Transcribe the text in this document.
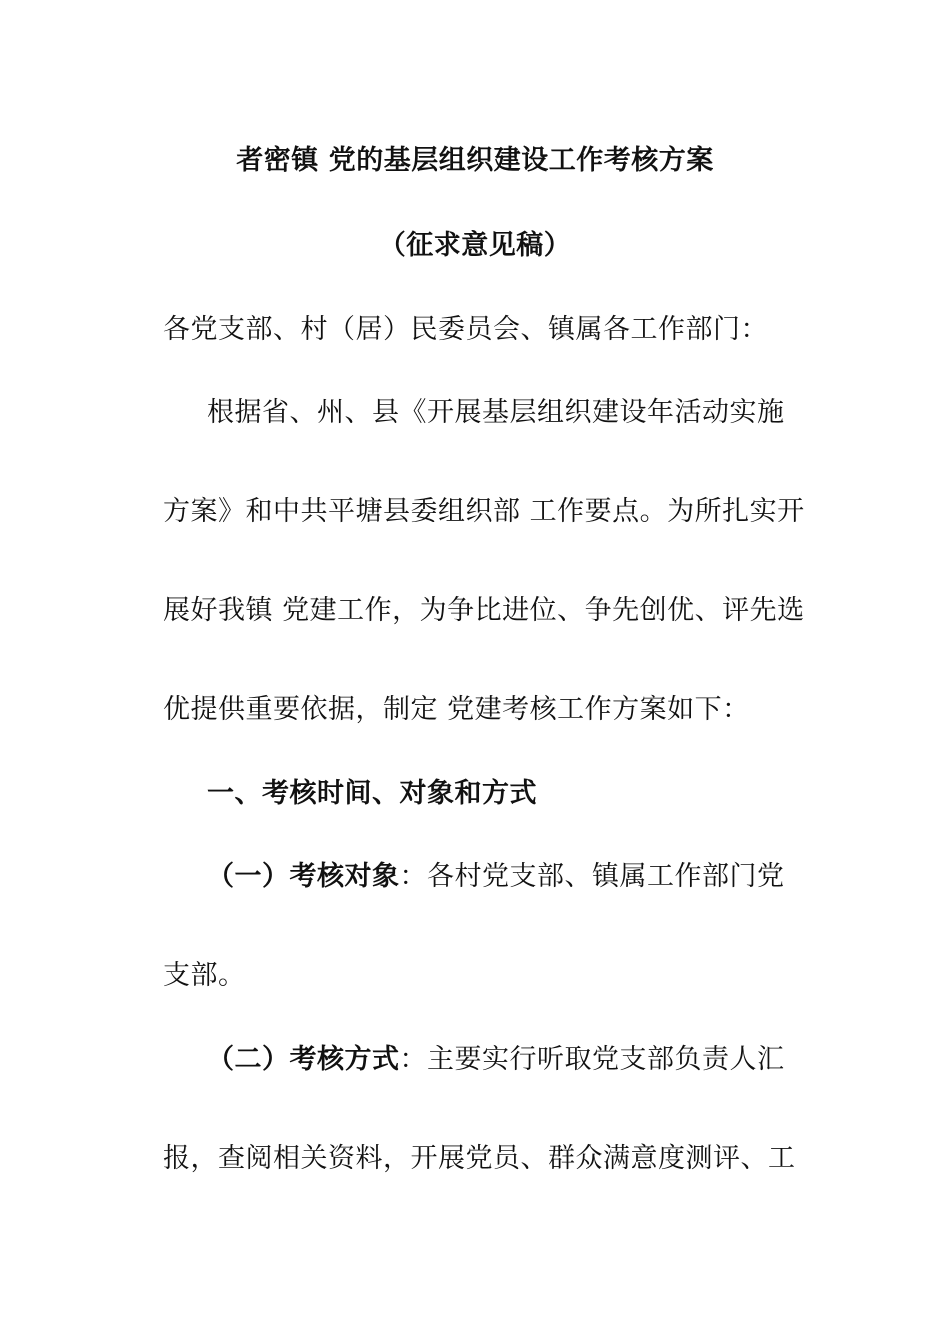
者密镇 党的基层组织建设工作考核方案
（征求意见稿）
各党支部、村（居）民委员会、镇属各工作部门：
根据省、州、县《开展基层组织建设年活动实施
方案》和中共平塘县委组织部 工作要点。为所扎实开
展好我镇 党建工作，为争比进位、争先创优、评先选
优提供重要依据，制定 党建考核工作方案如下：
一、考核时间、对象和方式
（一）考核对象：各村党支部、镇属工作部门党
支部。
（二）考核方式：主要实行听取党支部负责人汇
报，查阅相关资料，开展党员、群众满意度测评、工
